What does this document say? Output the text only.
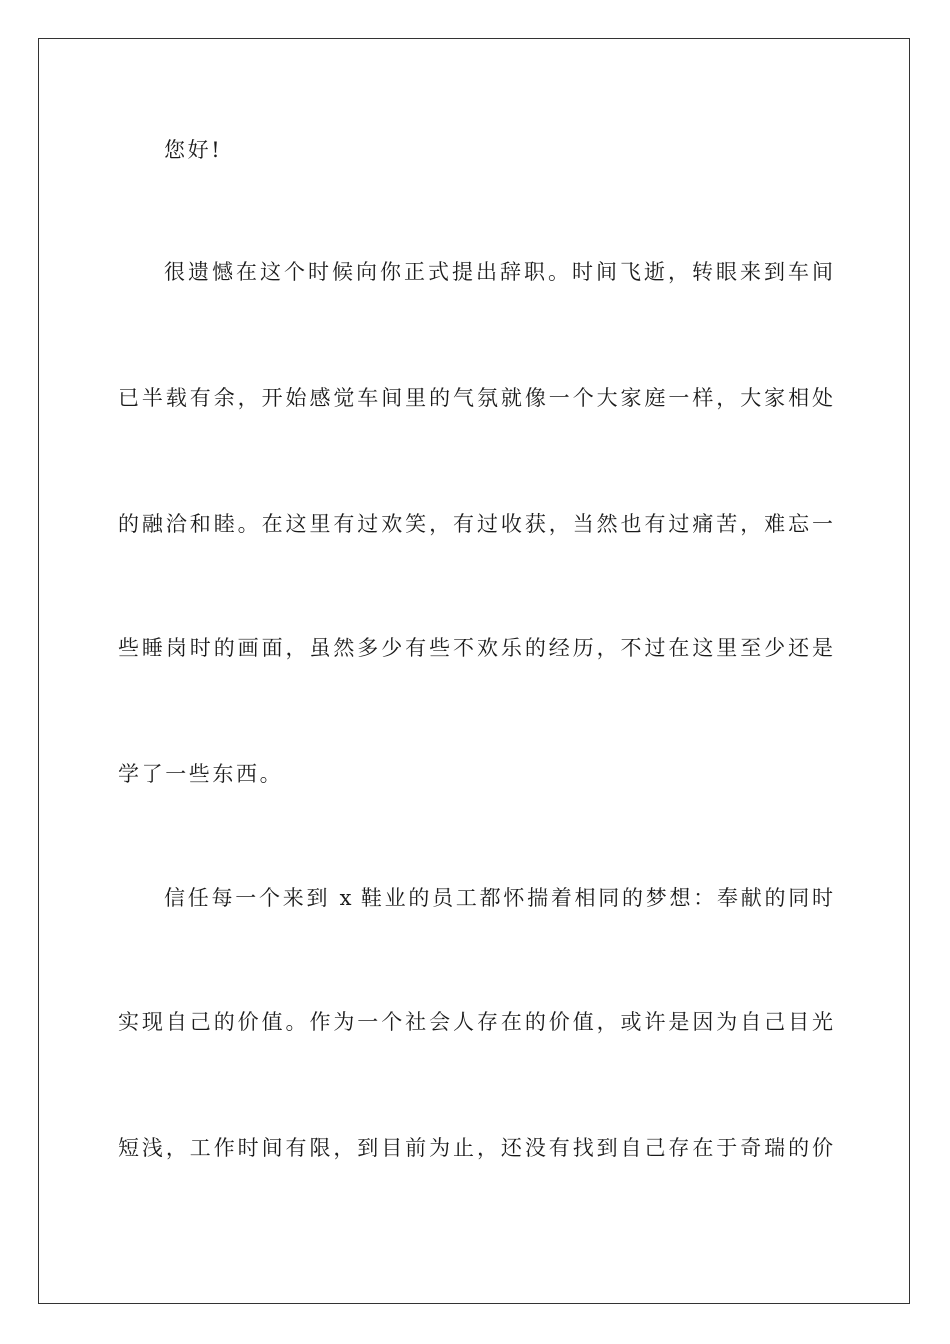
您好!
很遗憾在这个时候向你正式提出辞职。时间飞逝，转眼来到车间
已半载有余，开始感觉车间里的气氛就像一个大家庭一样，大家相处
的融洽和睦。在这里有过欢笑，有过收获，当然也有过痛苦，难忘一
些睡岗时的画面，虽然多少有些不欢乐的经历，不过在这里至少还是
学了一些东西。
信任每一个来到 x 鞋业的员工都怀揣着相同的梦想：奉献的同时
实现自己的价值。作为一个社会人存在的价值，或许是因为自己目光
短浅，工作时间有限，到目前为止，还没有找到自己存在于奇瑞的价
